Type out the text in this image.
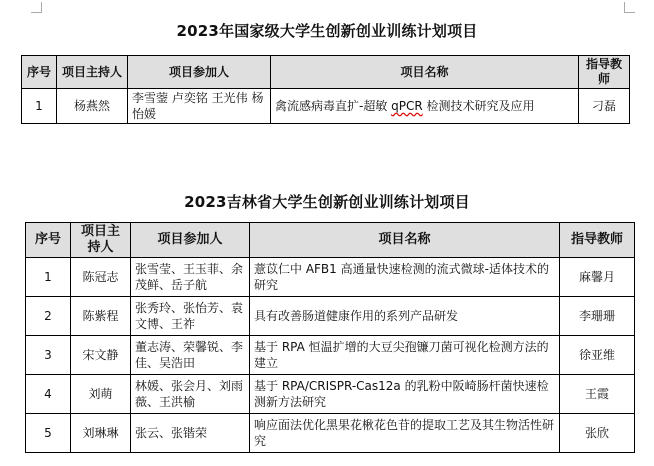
2023年国家级大学生创新创业训练计划项目
序号	项目主持人	项目参加人	项目名称	指导教师
1	杨燕然	李雪蓥 卢奕铭 王光伟 杨怡媛	禽流感病毒直扩-超敏 qPCR 检测技术研究及应用	刁磊
2023吉林省大学生创新创业训练计划项目
序号	项目主持人	项目参加人	项目名称	指导教师
1	陈冠志	张雪莹、王玉菲、余茂鲜、岳子航	薏苡仁中 AFB1 高通量快速检测的流式微球-适体技术的研究	麻馨月
2	陈紫程	张秀玲、张怡芳、袁文博、王祚	具有改善肠道健康作用的系列产品研发	李珊珊
3	宋文静	董志涛、荣馨锐、李佳、吴浩田	基于 RPA 恒温扩增的大豆尖孢镰刀菌可视化检测方法的建立	徐亚维
4	刘萌	林媛、张会月、刘雨薇、王洪榆	基于 RPA/CRISPR-Cas12a 的乳粉中阪崎肠杆菌快速检测新方法研究	王霞
5	刘琳琳	张云、张锴荣	响应面法优化黑果花楸花色苷的提取工艺及其生物活性研究	张欣
